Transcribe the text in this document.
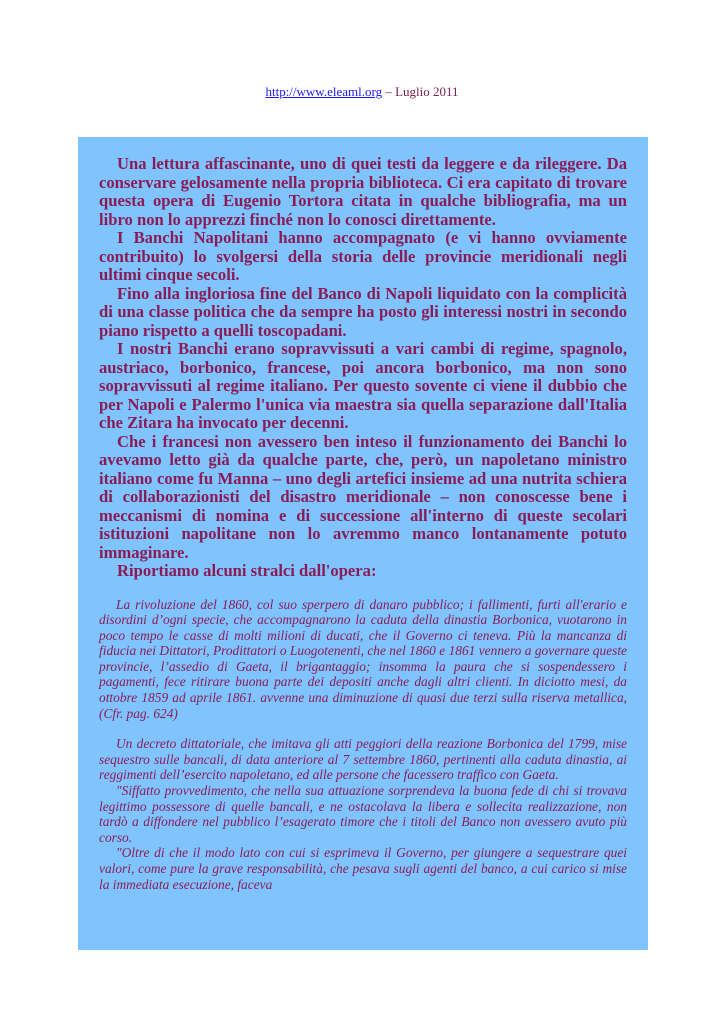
http://www.eleaml.org – Luglio 2011

Una lettura affascinante, uno di quei testi da leggere e da rileggere. Da conservare gelosamente nella propria biblioteca. Ci era capitato di trovare questa opera di Eugenio Tortora citata in qualche bibliografia, ma un libro non lo apprezzi finché non lo conosci direttamente.

I Banchi Napolitani hanno accompagnato (e vi hanno ovviamente contribuito) lo svolgersi della storia delle provincie meridionali negli ultimi cinque secoli.

Fino alla ingloriosa fine del Banco di Napoli liquidato con la complicità di una classe politica che da sempre ha posto gli interessi nostri in secondo piano rispetto a quelli toscopadani.

I nostri Banchi erano sopravvissuti a vari cambi di regime, spagnolo, austriaco, borbonico, francese, poi ancora borbonico, ma non sono sopravvissuti al regime italiano. Per questo sovente ci viene il dubbio che per Napoli e Palermo l'unica via maestra sia quella separazione dall'Italia che Zitara ha invocato per decenni.

Che i francesi non avessero ben inteso il funzionamento dei Banchi lo avevamo letto già da qualche parte, che, però, un napoletano ministro italiano come fu Manna – uno degli artefici insieme ad una nutrita schiera di collaborazionisti del disastro meridionale – non conoscesse bene i meccanismi di nomina e di successione all'interno di queste secolari istituzioni napolitane non lo avremmo manco lontanamente potuto immaginare.

Riportiamo alcuni stralci dall'opera:

La rivoluzione del 1860, col suo sperpero di danaro pubblico; i fallimenti, furti all'erario e disordini d’ogni specie, che accompagnarono la caduta della dinastia Borbonica, vuotarono in poco tempo le casse di molti milioni di ducati, che il Governo ci teneva. Più la mancanza di fiducia nei Dittatori, Prodittatori o Luogotenenti, che nel 1860 e 1861 vennero a governare queste provincie, l’assedio di Gaeta, il brigantaggio; insomma la paura che si sospendessero i pagamenti, fece ritirare buona parte dei depositi anche dagli altri clienti. In diciotto mesi, da ottobre 1859 ad aprile 1861. avvenne una diminuzione di quasi due terzi sulla riserva metallica, (Cfr. pag. 624)

Un decreto dittatoriale, che imitava gli atti peggiori della reazione Borbonica del 1799, mise sequestro sulle bancali, di data anteriore al 7 settembre 1860, pertinenti alla caduta dinastia, ai reggimenti dell’esercito napoletano, ed alle persone che facessero traffico con Gaeta.

"Siffatto provvedimento, che nella sua attuazione sorprendeva la buona fede di chi si trovava legittimo possessore di quelle bancali, e ne ostacolava la libera e sollecita realizzazione, non tardò a diffondere nel pubblico l’esagerato timore che i titoli del Banco non avessero avuto più corso.

"Oltre di che il modo lato con cui si esprimeva il Governo, per giungere a sequestrare quei valori, come pure la grave responsabilità, che pesava sugli agenti del banco, a cui carico si mise la immediata esecuzione, faceva
